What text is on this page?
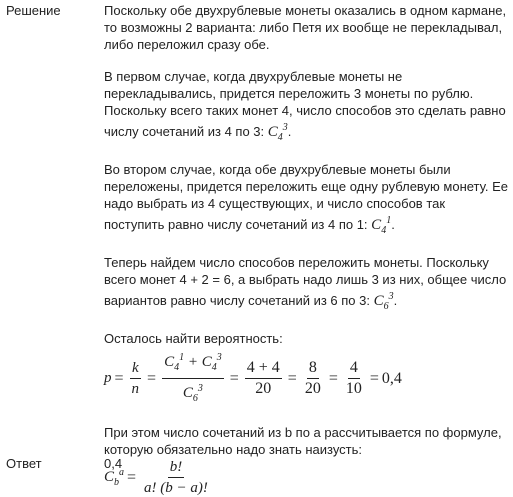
Решение	Поскольку обе двухрублевые монеты оказались в одном кармане, то возможны 2 варианта: либо Петя их вообще не перекладывал, либо переложил сразу обе.

В первом случае, когда двухрублевые монеты не перекладывались, придется переложить 3 монеты по рублю. Поскольку всего таких монет 4, число способов это сделать равно числу сочетаний из 4 по 3: $C_4^3$.

Во втором случае, когда обе двухрублевые монеты были переложены, придется переложить еще одну рублевую монету. Ее надо выбрать из 4 существующих, и число способов так поступить равно числу сочетаний из 4 по 1: $C_4^1$.

Теперь найдем число способов переложить монеты. Поскольку всего монет 4 + 2 = 6, а выбрать надо лишь 3 из них, общее число вариантов равно числу сочетаний из 6 по 3: $C_6^3$.

Осталось найти вероятность:
$p = \frac{k}{n} = \frac{C_4^1 + C_4^3}{C_6^3} = \frac{4 + 4}{20} = \frac{8}{20} = \frac{4}{10} = 0,4$
При этом число сочетаний из b по a рассчитывается по формуле, которую обязательно надо знать наизусть:
$C_b^a = \frac{b!}{a! (b - a)!}$
Ответ	0,4
